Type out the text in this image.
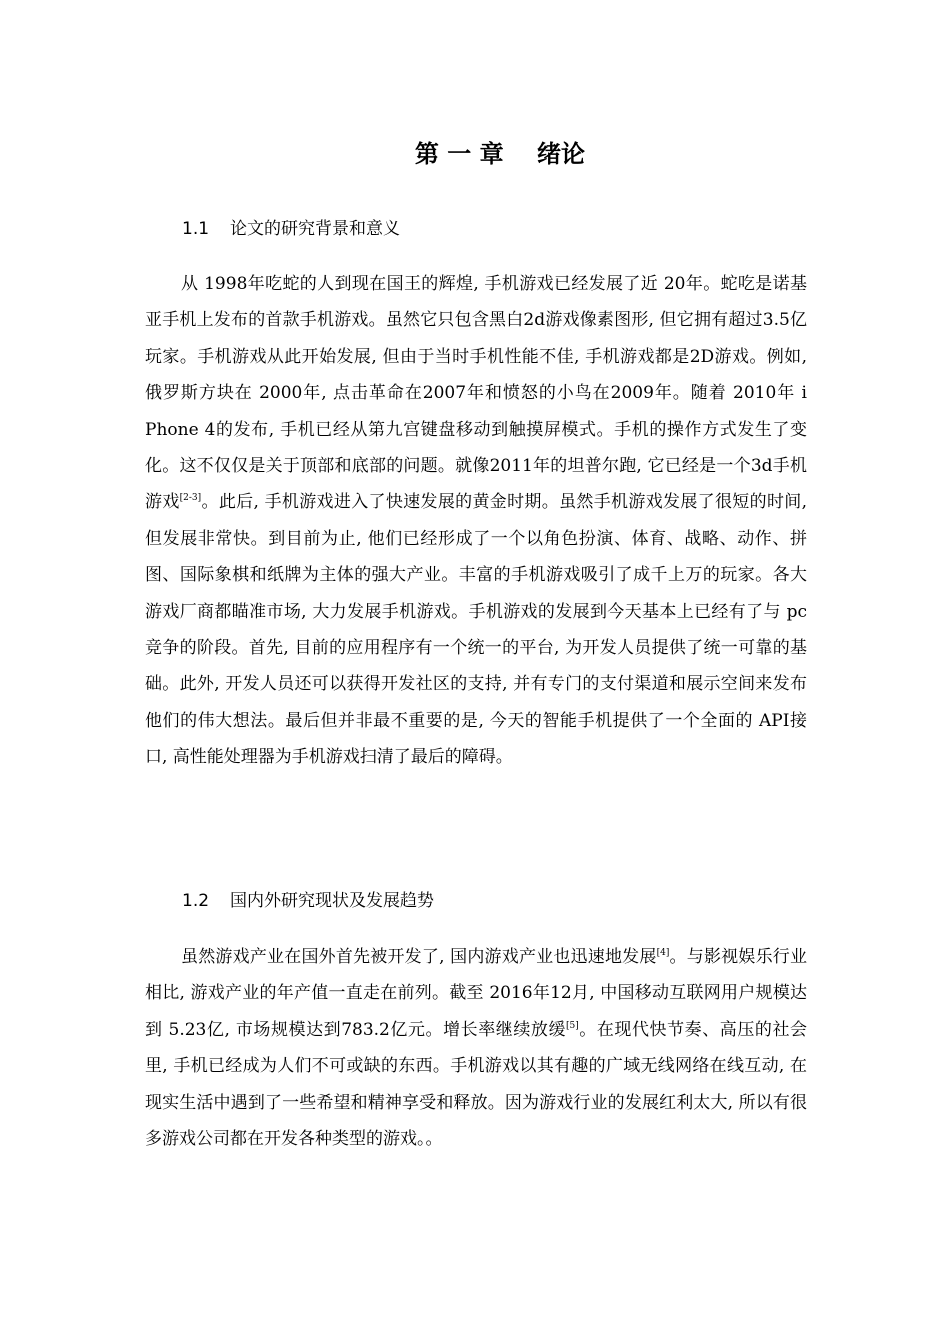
第 一 章    绪论
1.1 论文的研究背景和意义

从 1998年吃蛇的人到现在国王的辉煌, 手机游戏已经发展了近 20年。蛇吃是诺基亚手机上发布的首款手机游戏。虽然它只包含黑白2d游戏像素图形, 但它拥有超过3.5亿玩家。手机游戏从此开始发展, 但由于当时手机性能不佳, 手机游戏都是2D游戏。例如, 俄罗斯方块在 2000年, 点击革命在2007年和愤怒的小鸟在2009年。随着 2010年 i Phone 4的发布, 手机已经从第九宫键盘移动到触摸屏模式。手机的操作方式发生了变化。这不仅仅是关于顶部和底部的问题。就像2011年的坦普尔跑, 它已经是一个3d手机游戏[2-3]。此后, 手机游戏进入了快速发展的黄金时期。虽然手机游戏发展了很短的时间, 但发展非常快。到目前为止, 他们已经形成了一个以角色扮演、体育、战略、动作、拼图、国际象棋和纸牌为主体的强大产业。丰富的手机游戏吸引了成千上万的玩家。各大游戏厂商都瞄准市场, 大力发展手机游戏。手机游戏的发展到今天基本上已经有了与 pc竞争的阶段。首先, 目前的应用程序有一个统一的平台, 为开发人员提供了统一可靠的基础。此外, 开发人员还可以获得开发社区的支持, 并有专门的支付渠道和展示空间来发布他们的伟大想法。最后但并非最不重要的是, 今天的智能手机提供了一个全面的 API接口, 高性能处理器为手机游戏扫清了最后的障碍。

1.2 国内外研究现状及发展趋势

虽然游戏产业在国外首先被开发了, 国内游戏产业也迅速地发展[4]。与影视娱乐行业相比, 游戏产业的年产值一直走在前列。截至 2016年12月, 中国移动互联网用户规模达到 5.23亿, 市场规模达到783.2亿元。增长率继续放缓[5]。在现代快节奏、高压的社会里, 手机已经成为人们不可或缺的东西。手机游戏以其有趣的广域无线网络在线互动, 在现实生活中遇到了一些希望和精神享受和释放。因为游戏行业的发展红利太大, 所以有很多游戏公司都在开发各种类型的游戏。。
